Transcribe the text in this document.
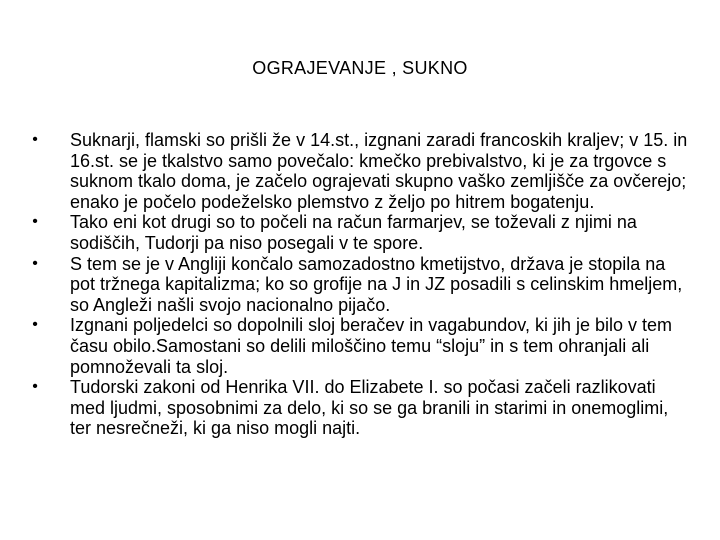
OGRAJEVANJE , SUKNO
• Suknarji, flamski so prišli že v 14.st., izgnani zaradi francoskih kraljev; v 15. in 16.st. se je tkalstvo samo povečalo: kmečko prebivalstvo, ki je za trgovce s suknom tkalo doma, je začelo ograjevati skupno vaško zemljišče za ovčerejo; enako je počelo podeželsko plemstvo z željo po hitrem bogatenju.
• Tako eni kot drugi so to počeli na račun farmarjev, se toževali z njimi na sodiščih, Tudorji pa niso posegali v te spore.
• S tem se je v Angliji končalo samozadostno kmetijstvo, država je stopila na pot tržnega kapitalizma; ko so grofije na J in JZ posadili s celinskim hmeljem, so Angleži našli svojo nacionalno pijačo.
• Izgnani poljedelci so dopolnili sloj beračev in vagabundov, ki jih je bilo v tem času obilo.Samostani so delili miloščino temu “sloju” in s tem ohranjali ali pomnoževali ta sloj.
• Tudorski zakoni od Henrika VII. do Elizabete I. so počasi začeli razlikovati med ljudmi, sposobnimi za delo, ki so se ga branili in starimi in onemoglimi, ter nesrečneži, ki ga niso mogli najti.
